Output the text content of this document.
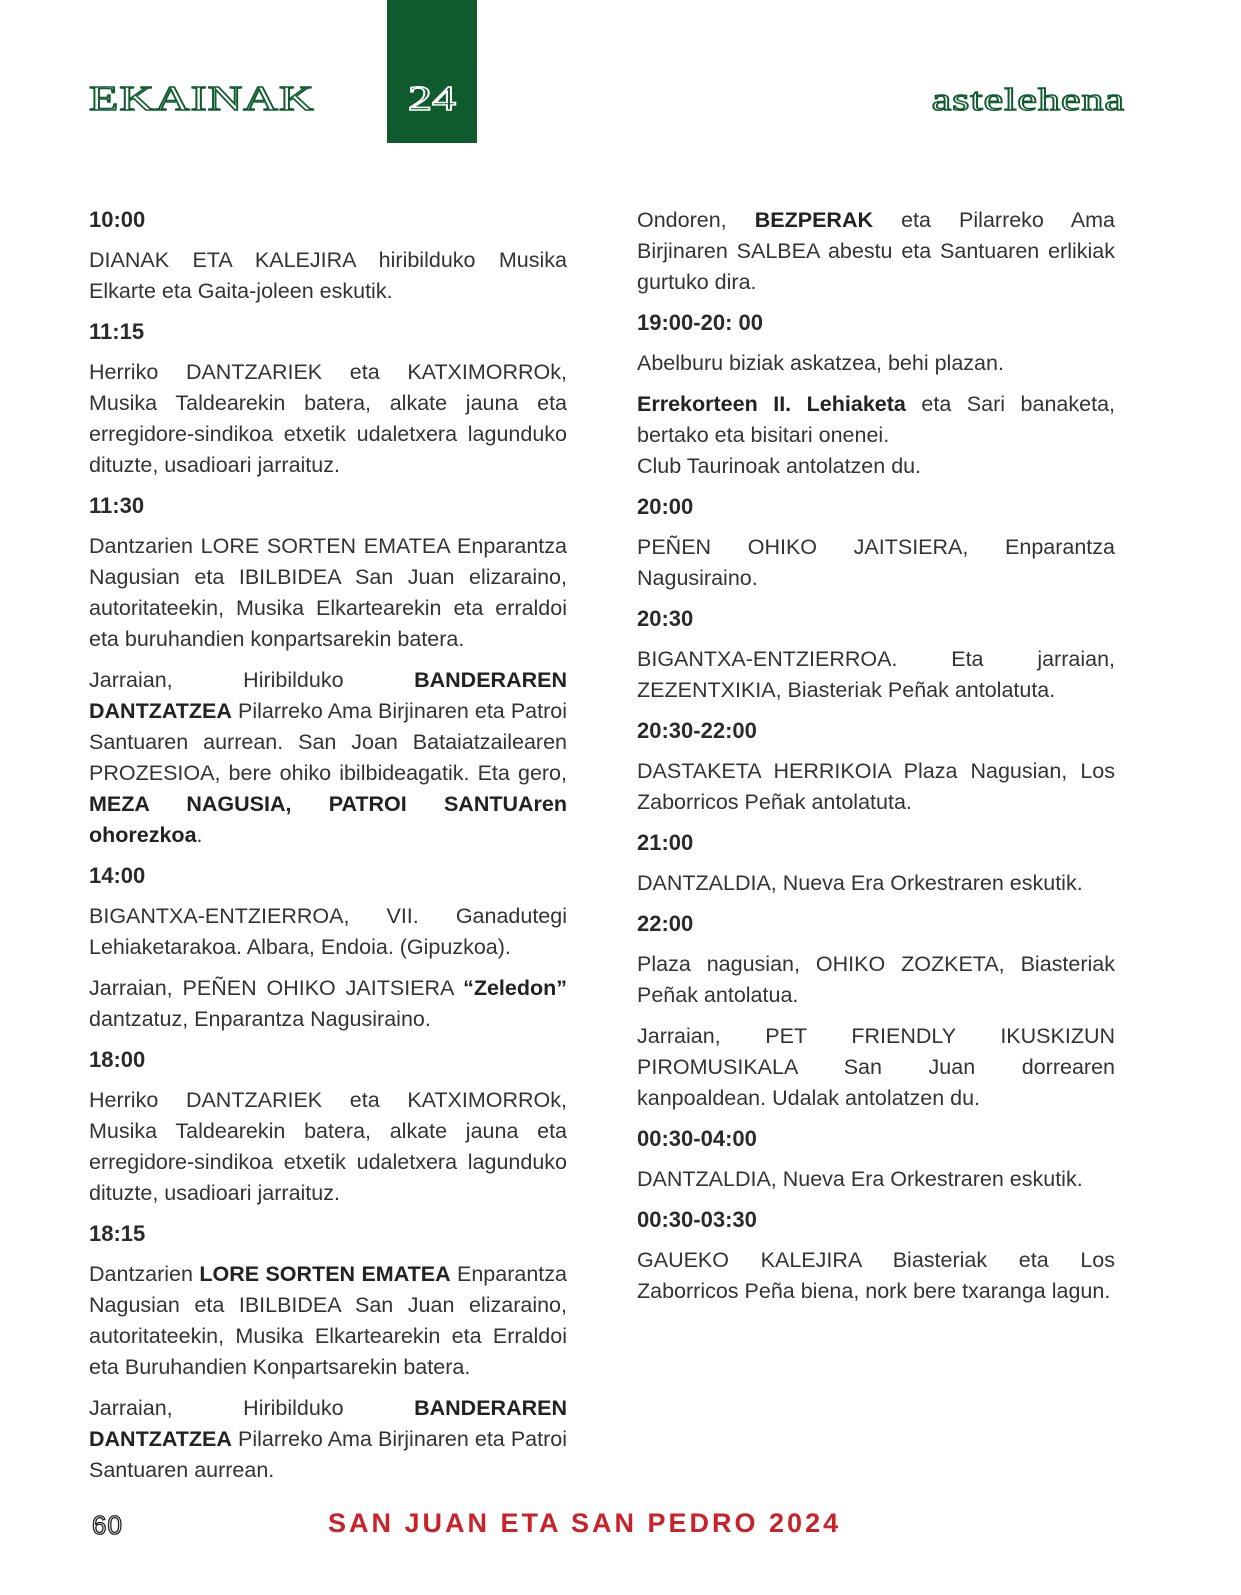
EKAINAK	24	astelehena
10:00
DIANAK ETA KALEJIRA hiribilduko Musika Elkarte eta Gaita-joleen eskutik.
11:15
Herriko DANTZARIEK eta KATXIMORROk, Musika Taldearekin batera, alkate jauna eta erregidore-sindikoa etxetik udaletxera lagunduko dituzte, usadioari jarraituz.
11:30
Dantzarien LORE SORTEN EMATEA Enparantza Nagusian eta IBILBIDEA San Juan elizaraino, autoritateekin, Musika Elkartearekin eta erraldoi eta buruhandien konpartsarekin batera.
Jarraian, Hiribilduko BANDERAREN DANTZATZEA Pilarreko Ama Birjinaren eta Patroi Santuaren aurrean. San Joan Bataiatzailearen PROZESIOA, bere ohiko ibilbideagatik. Eta gero, MEZA NAGUSIA, PATROI SANTUAren ohorezkoa.
14:00
BIGANTXA-ENTZIERROA, VII. Ganadutegi Lehiaketarakoa. Albara, Endoia. (Gipuzkoa).
Jarraian, PEÑEN OHIKO JAITSIERA “Zeledon” dantzatuz, Enparantza Nagusiraino.
18:00
Herriko DANTZARIEK eta KATXIMORROk, Musika Taldearekin batera, alkate jauna eta erregidore-sindikoa etxetik udaletxera lagunduko dituzte, usadioari jarraituz.
18:15
Dantzarien LORE SORTEN EMATEA Enparantza Nagusian eta IBILBIDEA San Juan elizaraino, autoritateekin, Musika Elkartearekin eta Erraldoi eta Buruhandien Konpartsarekin batera.
Jarraian, Hiribilduko BANDERAREN DANTZATZEA Pilarreko Ama Birjinaren eta Patroi Santuaren aurrean.
Ondoren, BEZPERAK eta Pilarreko Ama Birjinaren SALBEA abestu eta Santuaren erlikiak gurtuko dira.
19:00-20: 00
Abelburu biziak askatzea, behi plazan.
Errekorteen II. Lehiaketa eta Sari banaketa, bertako eta bisitari onenei.
Club Taurinoak antolatzen du.
20:00
PEÑEN OHIKO JAITSIERA, Enparantza Nagusiraino.
20:30
BIGANTXA-ENTZIERROA. Eta jarraian, ZEZENTXIKIA, Biasteriak Peñak antolatuta.
20:30-22:00
DASTAKETA HERRIKOIA Plaza Nagusian, Los Zaborricos Peñak antolatuta.
21:00
DANTZALDIA, Nueva Era Orkestraren eskutik.
22:00
Plaza nagusian, OHIKO ZOZKETA, Biasteriak Peñak antolatua.
Jarraian, PET FRIENDLY IKUSKIZUN PIROMUSIKALA San Juan dorrearen kanpoaldean. Udalak antolatzen du.
00:30-04:00
DANTZALDIA, Nueva Era Orkestraren eskutik.
00:30-03:30
GAUEKO KALEJIRA Biasteriak eta Los Zaborricos Peña biena, nork bere txaranga lagun.
60	SAN JUAN ETA SAN PEDRO 2024
